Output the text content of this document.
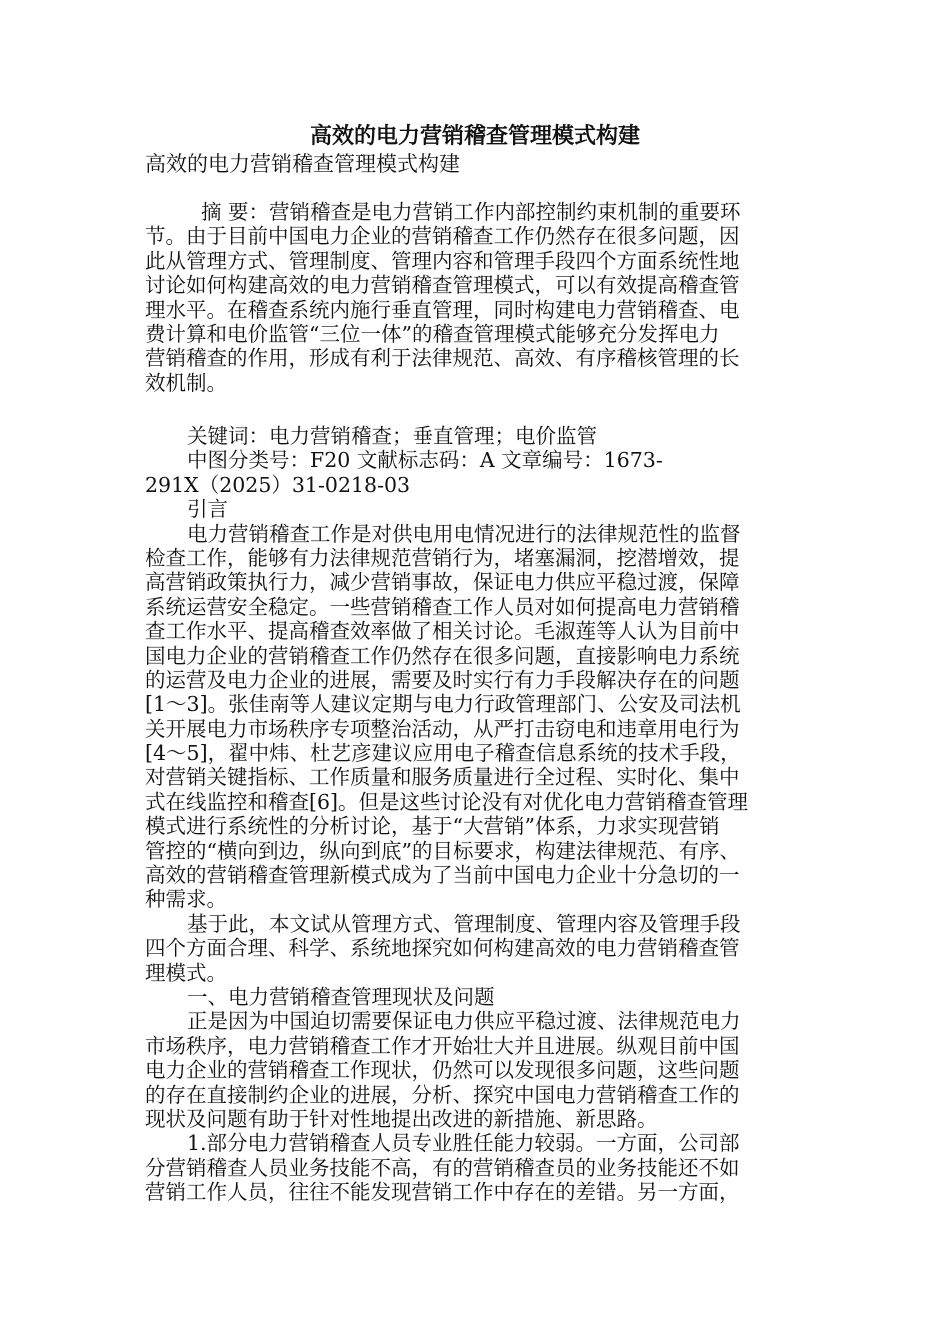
高效的电力营销稽查管理模式构建
高效的电力营销稽查管理模式构建
摘 要：营销稽查是电力营销工作内部控制约束机制的重要环
节。由于目前中国电力企业的营销稽查工作仍然存在很多问题，因
此从管理方式、管理制度、管理内容和管理手段四个方面系统性地
讨论如何构建高效的电力营销稽查管理模式，可以有效提高稽查管
理水平。在稽查系统内施行垂直管理，同时构建电力营销稽查、电
费计算和电价监管“三位一体”的稽查管理模式能够充分发挥电力
营销稽查的作用，形成有利于法律规范、高效、有序稽核管理的长
效机制。
关键词：电力营销稽查；垂直管理；电价监管
中图分类号：F20 文献标志码：A 文章编号：1673-
291X（2025）31-0218-03
引言
电力营销稽查工作是对供电用电情况进行的法律规范性的监督
检查工作，能够有力法律规范营销行为，堵塞漏洞，挖潜增效，提
高营销政策执行力，减少营销事故，保证电力供应平稳过渡，保障
系统运营安全稳定。一些营销稽查工作人员对如何提高电力营销稽
查工作水平、提高稽查效率做了相关讨论。毛淑莲等人认为目前中
国电力企业的营销稽查工作仍然存在很多问题，直接影响电力系统
的运营及电力企业的进展，需要及时实行有力手段解决存在的问题
[1～3]。张佳南等人建议定期与电力行政管理部门、公安及司法机
关开展电力市场秩序专项整治活动，从严打击窃电和违章用电行为
[4～5]，翟中炜、杜艺彦建议应用电子稽查信息系统的技术手段，
对营销关键指标、工作质量和服务质量进行全过程、实时化、集中
式在线监控和稽查[6]。但是这些讨论没有对优化电力营销稽查管理
模式进行系统性的分析讨论，基于“大营销”体系，力求实现营销
管控的“横向到边，纵向到底”的目标要求，构建法律规范、有序、
高效的营销稽查管理新模式成为了当前中国电力企业十分急切的一
种需求。
基于此，本文试从管理方式、管理制度、管理内容及管理手段
四个方面合理、科学、系统地探究如何构建高效的电力营销稽查管
理模式。
一、电力营销稽查管理现状及问题
正是因为中国迫切需要保证电力供应平稳过渡、法律规范电力
市场秩序，电力营销稽查工作才开始壮大并且进展。纵观目前中国
电力企业的营销稽查工作现状，仍然可以发现很多问题，这些问题
的存在直接制约企业的进展，分析、探究中国电力营销稽查工作的
现状及问题有助于针对性地提出改进的新措施、新思路。
1.部分电力营销稽查人员专业胜任能力较弱。一方面，公司部
分营销稽查人员业务技能不高，有的营销稽查员的业务技能还不如
营销工作人员，往往不能发现营销工作中存在的差错。另一方面，
